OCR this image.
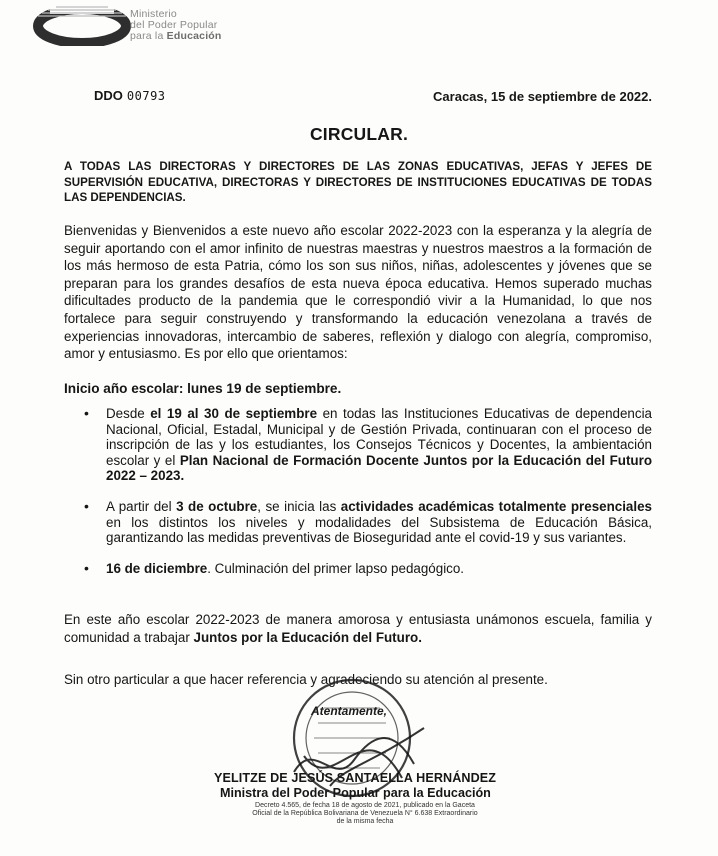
Ministerio
del Poder Popular
para la Educación
DDO 00793	Caracas, 15 de septiembre de 2022.
CIRCULAR.
A TODAS LAS DIRECTORAS Y DIRECTORES DE LAS ZONAS EDUCATIVAS, JEFAS Y JEFES DE SUPERVISIÓN EDUCATIVA, DIRECTORAS Y DIRECTORES DE INSTITUCIONES EDUCATIVAS DE TODAS LAS DEPENDENCIAS.
Bienvenidas y Bienvenidos a este nuevo año escolar 2022-2023 con la esperanza y la alegría de seguir aportando con el amor infinito de nuestras maestras y nuestros maestros a la formación de los más hermoso de esta Patria, cómo los son sus niños, niñas, adolescentes y jóvenes que se preparan para los grandes desafíos de esta nueva época educativa. Hemos superado muchas dificultades producto de la pandemia que le correspondió vivir a la Humanidad, lo que nos fortalece para seguir construyendo y transformando la educación venezolana a través de experiencias innovadoras, intercambio de saberes, reflexión y dialogo con alegría, compromiso, amor y entusiasmo. Es por ello que orientamos:
Inicio año escolar: lunes 19 de septiembre.
• Desde el 19 al 30 de septiembre en todas las Instituciones Educativas de dependencia Nacional, Oficial, Estadal, Municipal y de Gestión Privada, continuaran con el proceso de inscripción de las y los estudiantes, los Consejos Técnicos y Docentes, la ambientación escolar y el Plan Nacional de Formación Docente Juntos por la Educación del Futuro 2022 – 2023.
• A partir del 3 de octubre, se inicia las actividades académicas totalmente presenciales en los distintos los niveles y modalidades del Subsistema de Educación Básica, garantizando las medidas preventivas de Bioseguridad ante el covid-19 y sus variantes.
• 16 de diciembre. Culminación del primer lapso pedagógico.
En este año escolar 2022-2023 de manera amorosa y entusiasta unámonos escuela, familia y comunidad a trabajar Juntos por la Educación del Futuro.
Sin otro particular a que hacer referencia y agradeciendo su atención al presente.
Atentamente,
YELITZE DE JESÚS SANTAELLA HERNÁNDEZ
Ministra del Poder Popular para la Educación
Decreto 4.565, de fecha 18 de agosto de 2021, publicado en la Gaceta Oficial de la República Bolivariana de Venezuela N° 6.638 Extraordinario de la misma fecha
